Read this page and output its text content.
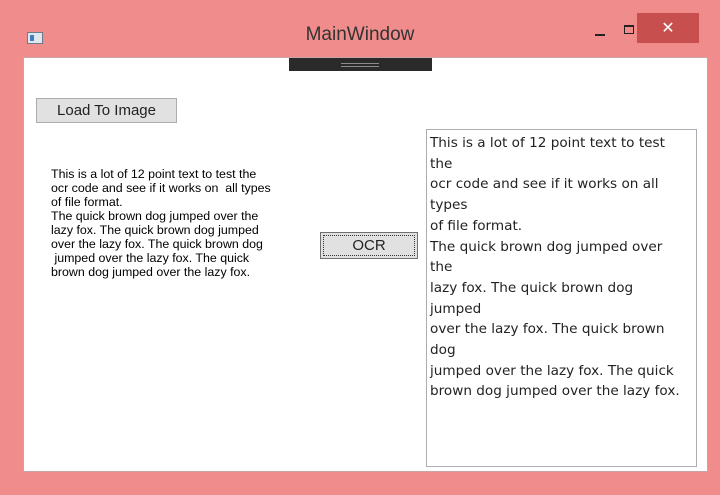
MainWindow	✕
Load To Image
This is a lot of 12 point text to test the
ocr code and see if it works on  all types
of file format.
The quick brown dog jumped over the
lazy fox. The quick brown dog jumped
over the lazy fox. The quick brown dog
jumped over the lazy fox. The quick
brown dog jumped over the lazy fox.
OCR
This is a lot of 12 point text to test
the
ocr code and see if it works on all
types
of file format.
The quick brown dog jumped over
the
lazy fox. The quick brown dog
jumped
over the lazy fox. The quick brown
dog
jumped over the lazy fox. The quick
brown dog jumped over the lazy fox.
